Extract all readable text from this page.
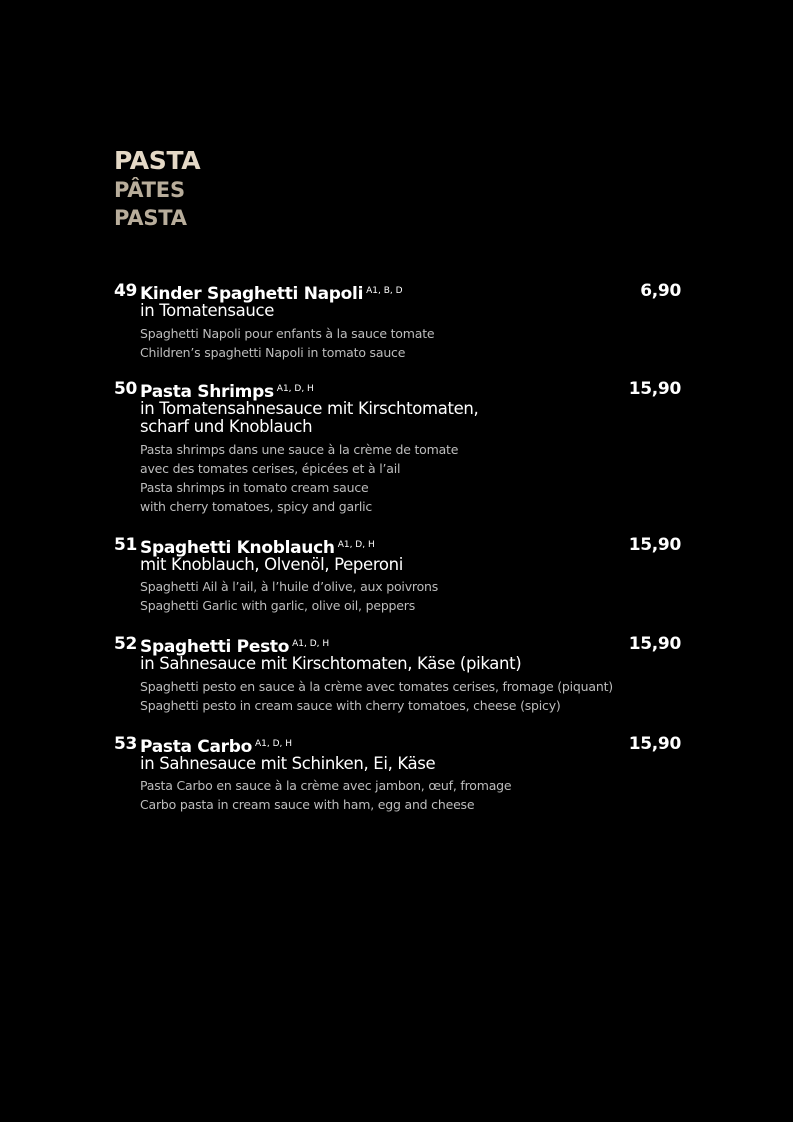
PASTA
PÂTES
PASTA
49 Kinder Spaghetti Napoli $^{A1, B, D}$	6,90
in Tomatensauce
Spaghetti Napoli pour enfants à la sauce tomate
Children’s spaghetti Napoli in tomato sauce
50 Pasta Shrimps $^{A1, D, H}$	15,90
in Tomatensahnesauce mit Kirschtomaten,
scharf und Knoblauch
Pasta shrimps dans une sauce à la crème de tomate
avec des tomates cerises, épicées et à l’ail
Pasta shrimps in tomato cream sauce
with cherry tomatoes, spicy and garlic
51 Spaghetti Knoblauch $^{A1, D, H}$	15,90
mit Knoblauch, Olvenöl, Peperoni
Spaghetti Ail à l’ail, à l’huile d’olive, aux poivrons
Spaghetti Garlic with garlic, olive oil, peppers
52 Spaghetti Pesto $^{A1, D, H}$	15,90
in Sahnesauce mit Kirschtomaten, Käse (pikant)
Spaghetti pesto en sauce à la crème avec tomates cerises, fromage (piquant)
Spaghetti pesto in cream sauce with cherry tomatoes, cheese (spicy)
53 Pasta Carbo $^{A1, D, H}$	15,90
in Sahnesauce mit Schinken, Ei, Käse
Pasta Carbo en sauce à la crème avec jambon, œuf, fromage
Carbo pasta in cream sauce with ham, egg and cheese
